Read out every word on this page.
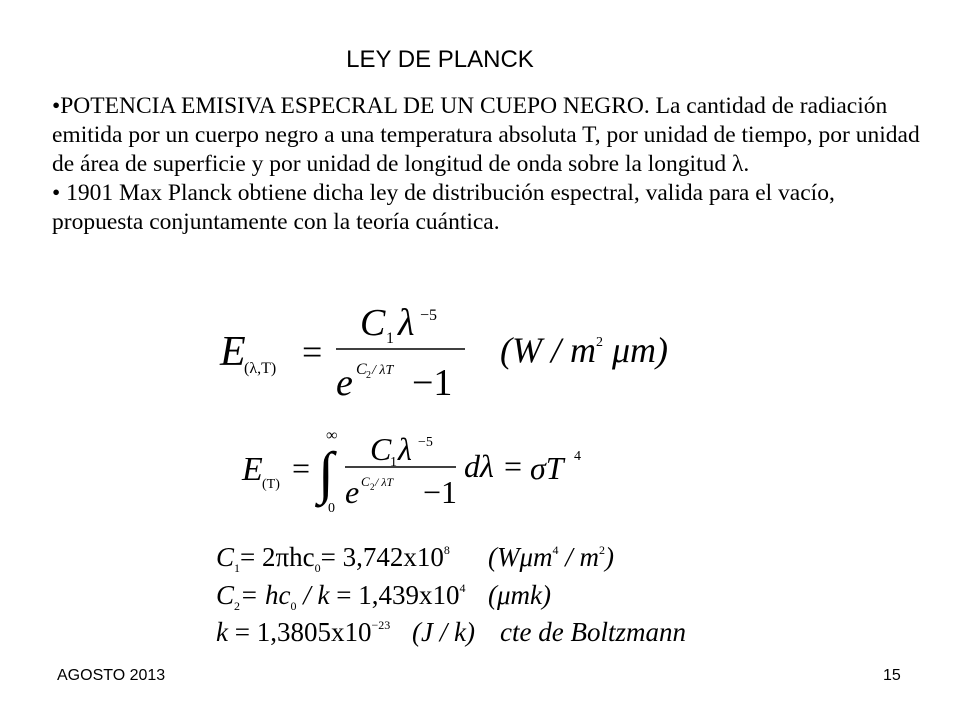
LEY DE PLANCK

•POTENCIA EMISIVA ESPECRAL DE UN CUEPO NEGRO. La cantidad de radiación emitida por un cuerpo negro a una temperatura absoluta T, por unidad de tiempo, por unidad de área de superficie y por unidad de longitud de onda sobre la longitud λ.

• 1901 Max Planck obtiene dicha ley de distribución espectral, valida para el vacío, propuesta conjuntamente con la teoría cuántica.

E
(λ,T) =
C 1 λ −5
e C 2 / λT −1
($W / m^2$ μm)
E (T) = ∫
∞
0
C
1 λ −5
e C 2 / λT −1
dλ = σT 4
$C_1= 2\pi hc_0= 3,742x10^8$ $(W\mu m^4 / m^2)$
$C_2= hc_0 / k = 1,439x10^4$ (μmk)
$k = 1,3805x10^{-23}$ (J / k) cte de Boltzmann
AGOSTO 2013	15
